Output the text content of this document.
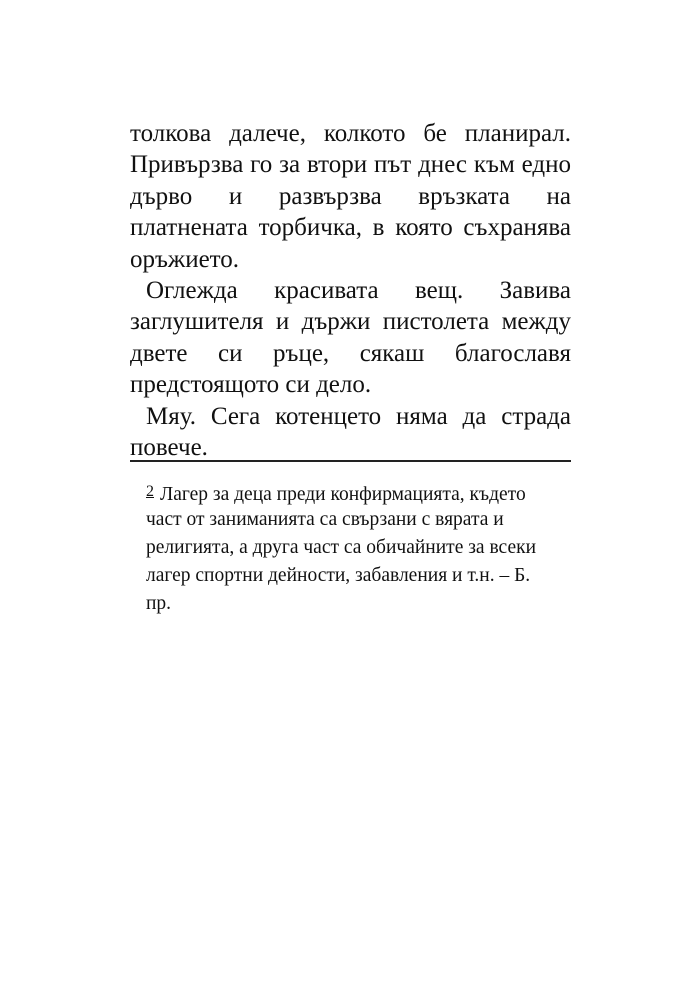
толкова далече, колкото бе планирал.
Привързва го за втори път днес към едно
дърво и развързва връзката на
платнената торбичка, в която съхранява
оръжието.
Оглежда красивата вещ. Завива
заглушителя и държи пистолета между
двете си ръце, сякаш благославя
предстоящото си дело.
Мяу. Сега котенцето няма да страда
повече.
$^2$ Лагер за деца преди конфирмацията, където
част от заниманията са свързани с вярата и
религията, а друга част са обичайните за всеки
лагер спортни дейности, забавления и т.н. – Б.
пр.
